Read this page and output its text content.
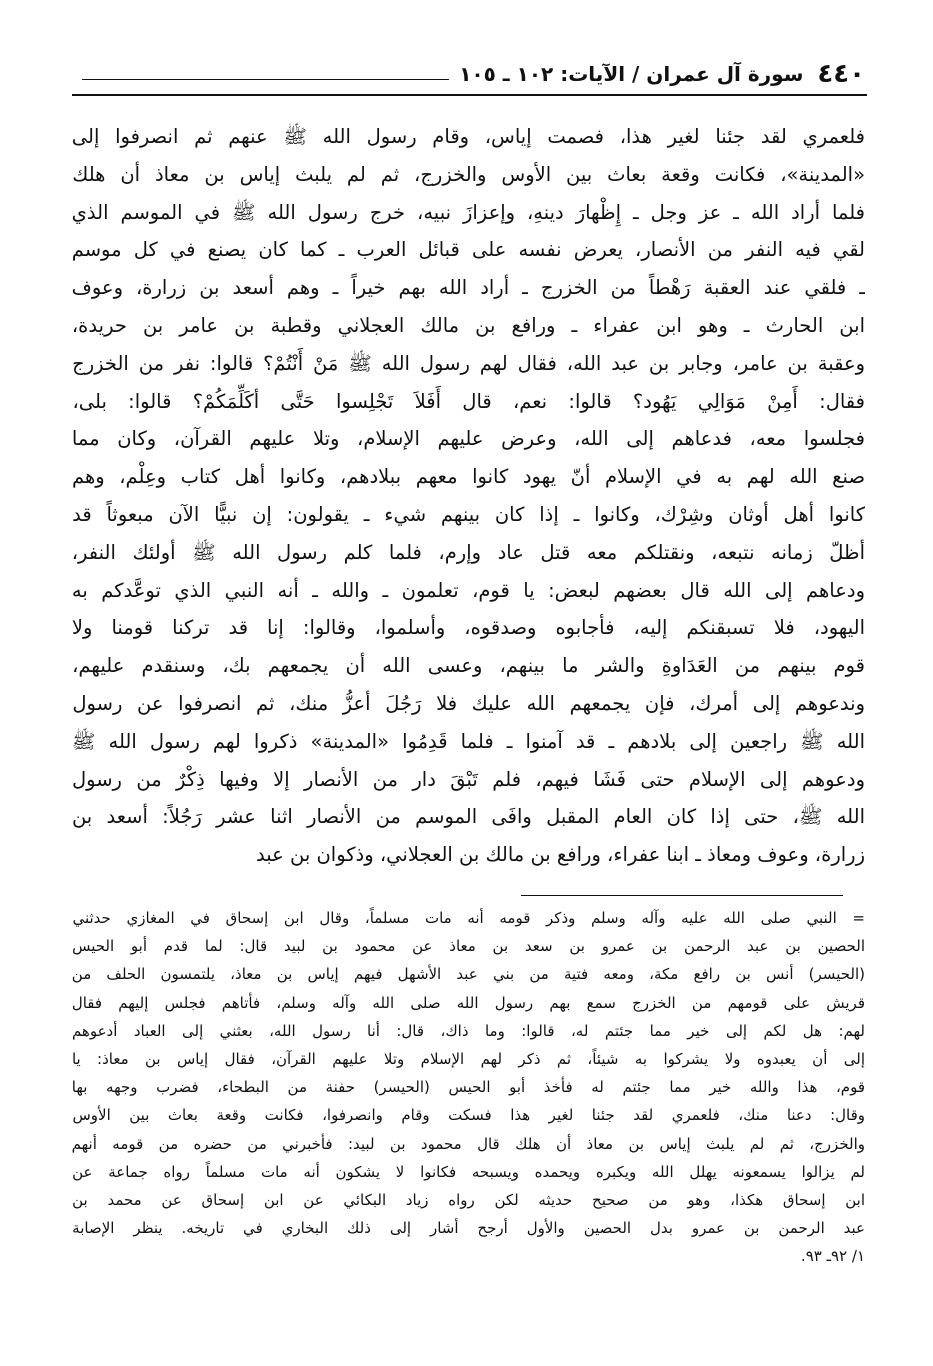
٤٤٠
سورة آل عمران / الآيات: ١٠٢ ـ ١٠٥
فلعمري لقد جئنا لغير هذا، فصمت إياس، وقام رسول الله ﷺ عنهم ثم انصرفوا إلى
«المدينة»، فكانت وقعة بعاث بين الأوس والخزرج، ثم لم يلبث إياس بن معاذ أن هلك
فلما أراد الله ـ عز وجل ـ إِظْهارَ دينهِ، وإعزازَ نبيه، خرج رسول الله ﷺ في الموسم الذي
لقي فيه النفر من الأنصار، يعرض نفسه على قبائل العرب ـ كما كان يصنع في كل موسم
ـ فلقي عند العقبة رَهْطاً من الخزرج ـ أراد الله بهم خيراً ـ وهم أسعد بن زرارة، وعوف
ابن الحارث ـ وهو ابن عفراء ـ ورافع بن مالك العجلاني وقطبة بن عامر بن حريدة،
وعقبة بن عامر، وجابر بن عبد الله، فقال لهم رسول الله ﷺ مَنْ أَنْتُمْ؟ قالوا: نفر من الخزرج
فقال: أَمِنْ مَوَالِي يَهُود؟ قالوا: نعم، قال أَفَلاَ تَجْلِسوا حَتَّى أكَلِّمَكُمْ؟ قالوا: بلى،
فجلسوا معه، فدعاهم إلى الله، وعرض عليهم الإسلام، وتلا عليهم القرآن، وكان مما
صنع الله لهم به في الإسلام أنّ يهود كانوا معهم ببلادهم، وكانوا أهل كتاب وعِلْم، وهم
كانوا أهل أوثان وشِرْك، وكانوا ـ إذا كان بينهم شيء ـ يقولون: إن نبيًّا الآن مبعوثاً قد
أظلّ زمانه نتبعه، ونقتلكم معه قتل عاد وإرم، فلما كلم رسول الله ﷺ أولئك النفر،
ودعاهم إلى الله قال بعضهم لبعض: يا قوم، تعلمون ـ والله ـ أنه النبي الذي توعَّدكم به
اليهود، فلا تسبقنكم إليه، فأجابوه وصدقوه، وأسلموا، وقالوا: إنا قد تركنا قومنا ولا
قوم بينهم من العَدَاوةِ والشر ما بينهم، وعسى الله أن يجمعهم بك، وسنقدم عليهم،
وندعوهم إلى أمرك، فإن يجمعهم الله عليك فلا رَجُلَ أعزُّ منك، ثم انصرفوا عن رسول
الله ﷺ راجعين إلى بلادهم ـ قد آمنوا ـ فلما قَدِمُوا «المدينة» ذكروا لهم رسول الله ﷺ
ودعوهم إلى الإسلام حتى فَشَا فيهم، فلم تَبْقَ دار من الأنصار إلا وفيها ذِكْرٌ من رسول
الله ﷺ، حتى إذا كان العام المقبل وافَى الموسم من الأنصار اثنا عشر رَجُلاً: أسعد بن
زرارة، وعوف ومعاذ ـ ابنا عفراء، ورافع بن مالك بن العجلاني، وذكوان بن عبد
= النبي صلى الله عليه وآله وسلم وذكر قومه أنه مات مسلماً، وقال ابن إسحاق في المغازي حدثني
الحصين بن عبد الرحمن بن عمرو بن سعد بن معاذ عن محمود بن لبيد قال: لما قدم أبو الحيس
(الحيسر) أنس بن رافع مكة، ومعه فتية من بني عبد الأشهل فيهم إياس بن معاذ، يلتمسون الحلف من
قريش على قومهم من الخزرج سمع بهم رسول الله صلى الله وآله وسلم، فأتاهم فجلس إليهم فقال
لهم: هل لكم إلى خير مما جئتم له، قالوا: وما ذاك، قال: أنا رسول الله، بعثني إلى العباد أدعوهم
إلى أن يعبدوه ولا يشركوا به شيئاً، ثم ذكر لهم الإسلام وتلا عليهم القرآن، فقال إياس بن معاذ: يا
قوم، هذا والله خير مما جئتم له فأخذ أبو الحيس (الحيسر) حفنة من البطحاء، فضرب وجهه بها
وقال: دعنا منك، فلعمري لقد جئنا لغير هذا فسكت وقام وانصرفوا، فكانت وقعة بعاث بين الأوس
والخزرج، ثم لم يلبث إياس بن معاذ أن هلك قال محمود بن لبيد: فأخبرني من حضره من قومه أنهم
لم يزالوا يسمعونه يهلل الله ويكبره ويحمده ويسبحه فكانوا لا يشكون أنه مات مسلماً رواه جماعة عن
ابن إسحاق هكذا، وهو من صحيح حديثه لكن رواه زياد البكائي عن ابن إسحاق عن محمد بن
عبد الرحمن بن عمرو بدل الحصين والأول أرجح أشار إلى ذلك البخاري في تاريخه. ينظر الإصابة
١/ ٩٢ـ ٩٣.
